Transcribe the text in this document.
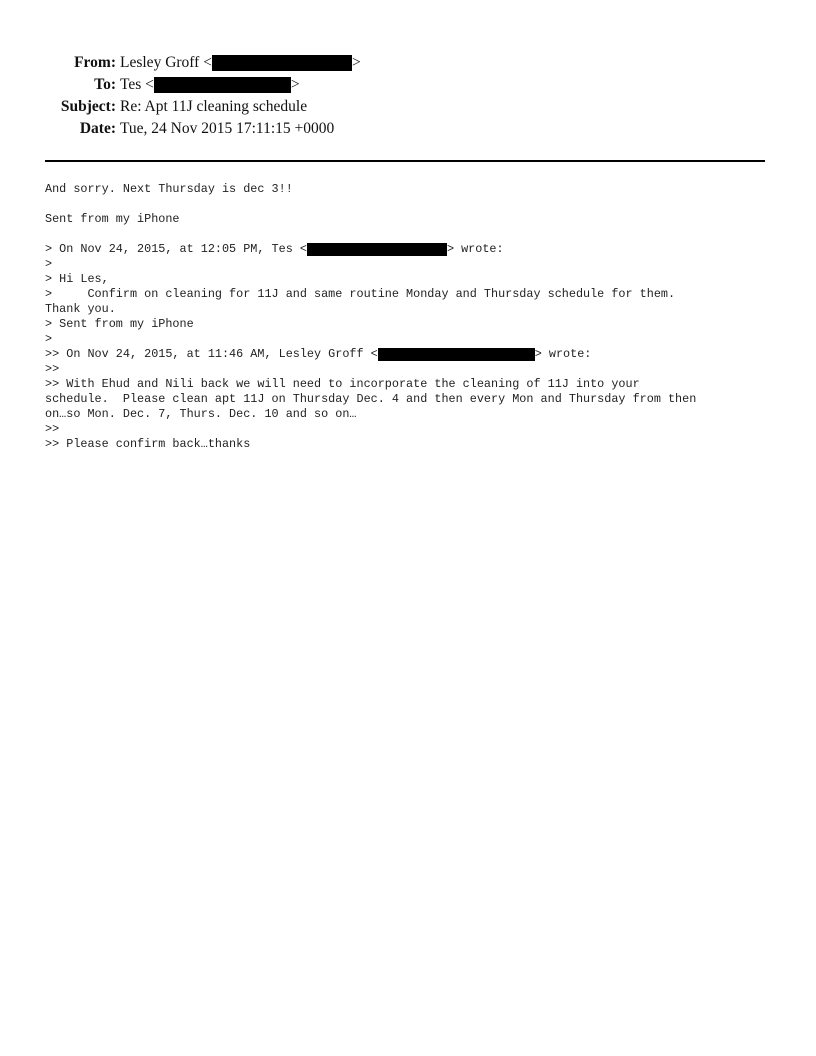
From: Lesley Groff <	>
To: Tes <	>
Subject: Re: Apt 11J cleaning schedule
Date: Tue, 24 Nov 2015 17:11:15 +0000
And sorry. Next Thursday is dec 3!!
Sent from my iPhone
> On Nov 24, 2015, at 12:05 PM, Tes <	> wrote:
>
> Hi Les,
>     Confirm on cleaning for 11J and same routine Monday and Thursday schedule for them.
Thank you.
> Sent from my iPhone
>
>> On Nov 24, 2015, at 11:46 AM, Lesley Groff <	> wrote:
>>
>> With Ehud and Nili back we will need to incorporate the cleaning of 11J into your
schedule.  Please clean apt 11J on Thursday Dec. 4 and then every Mon and Thursday from then
on…so Mon. Dec. 7, Thurs. Dec. 10 and so on…
>>
>> Please confirm back…thanks
